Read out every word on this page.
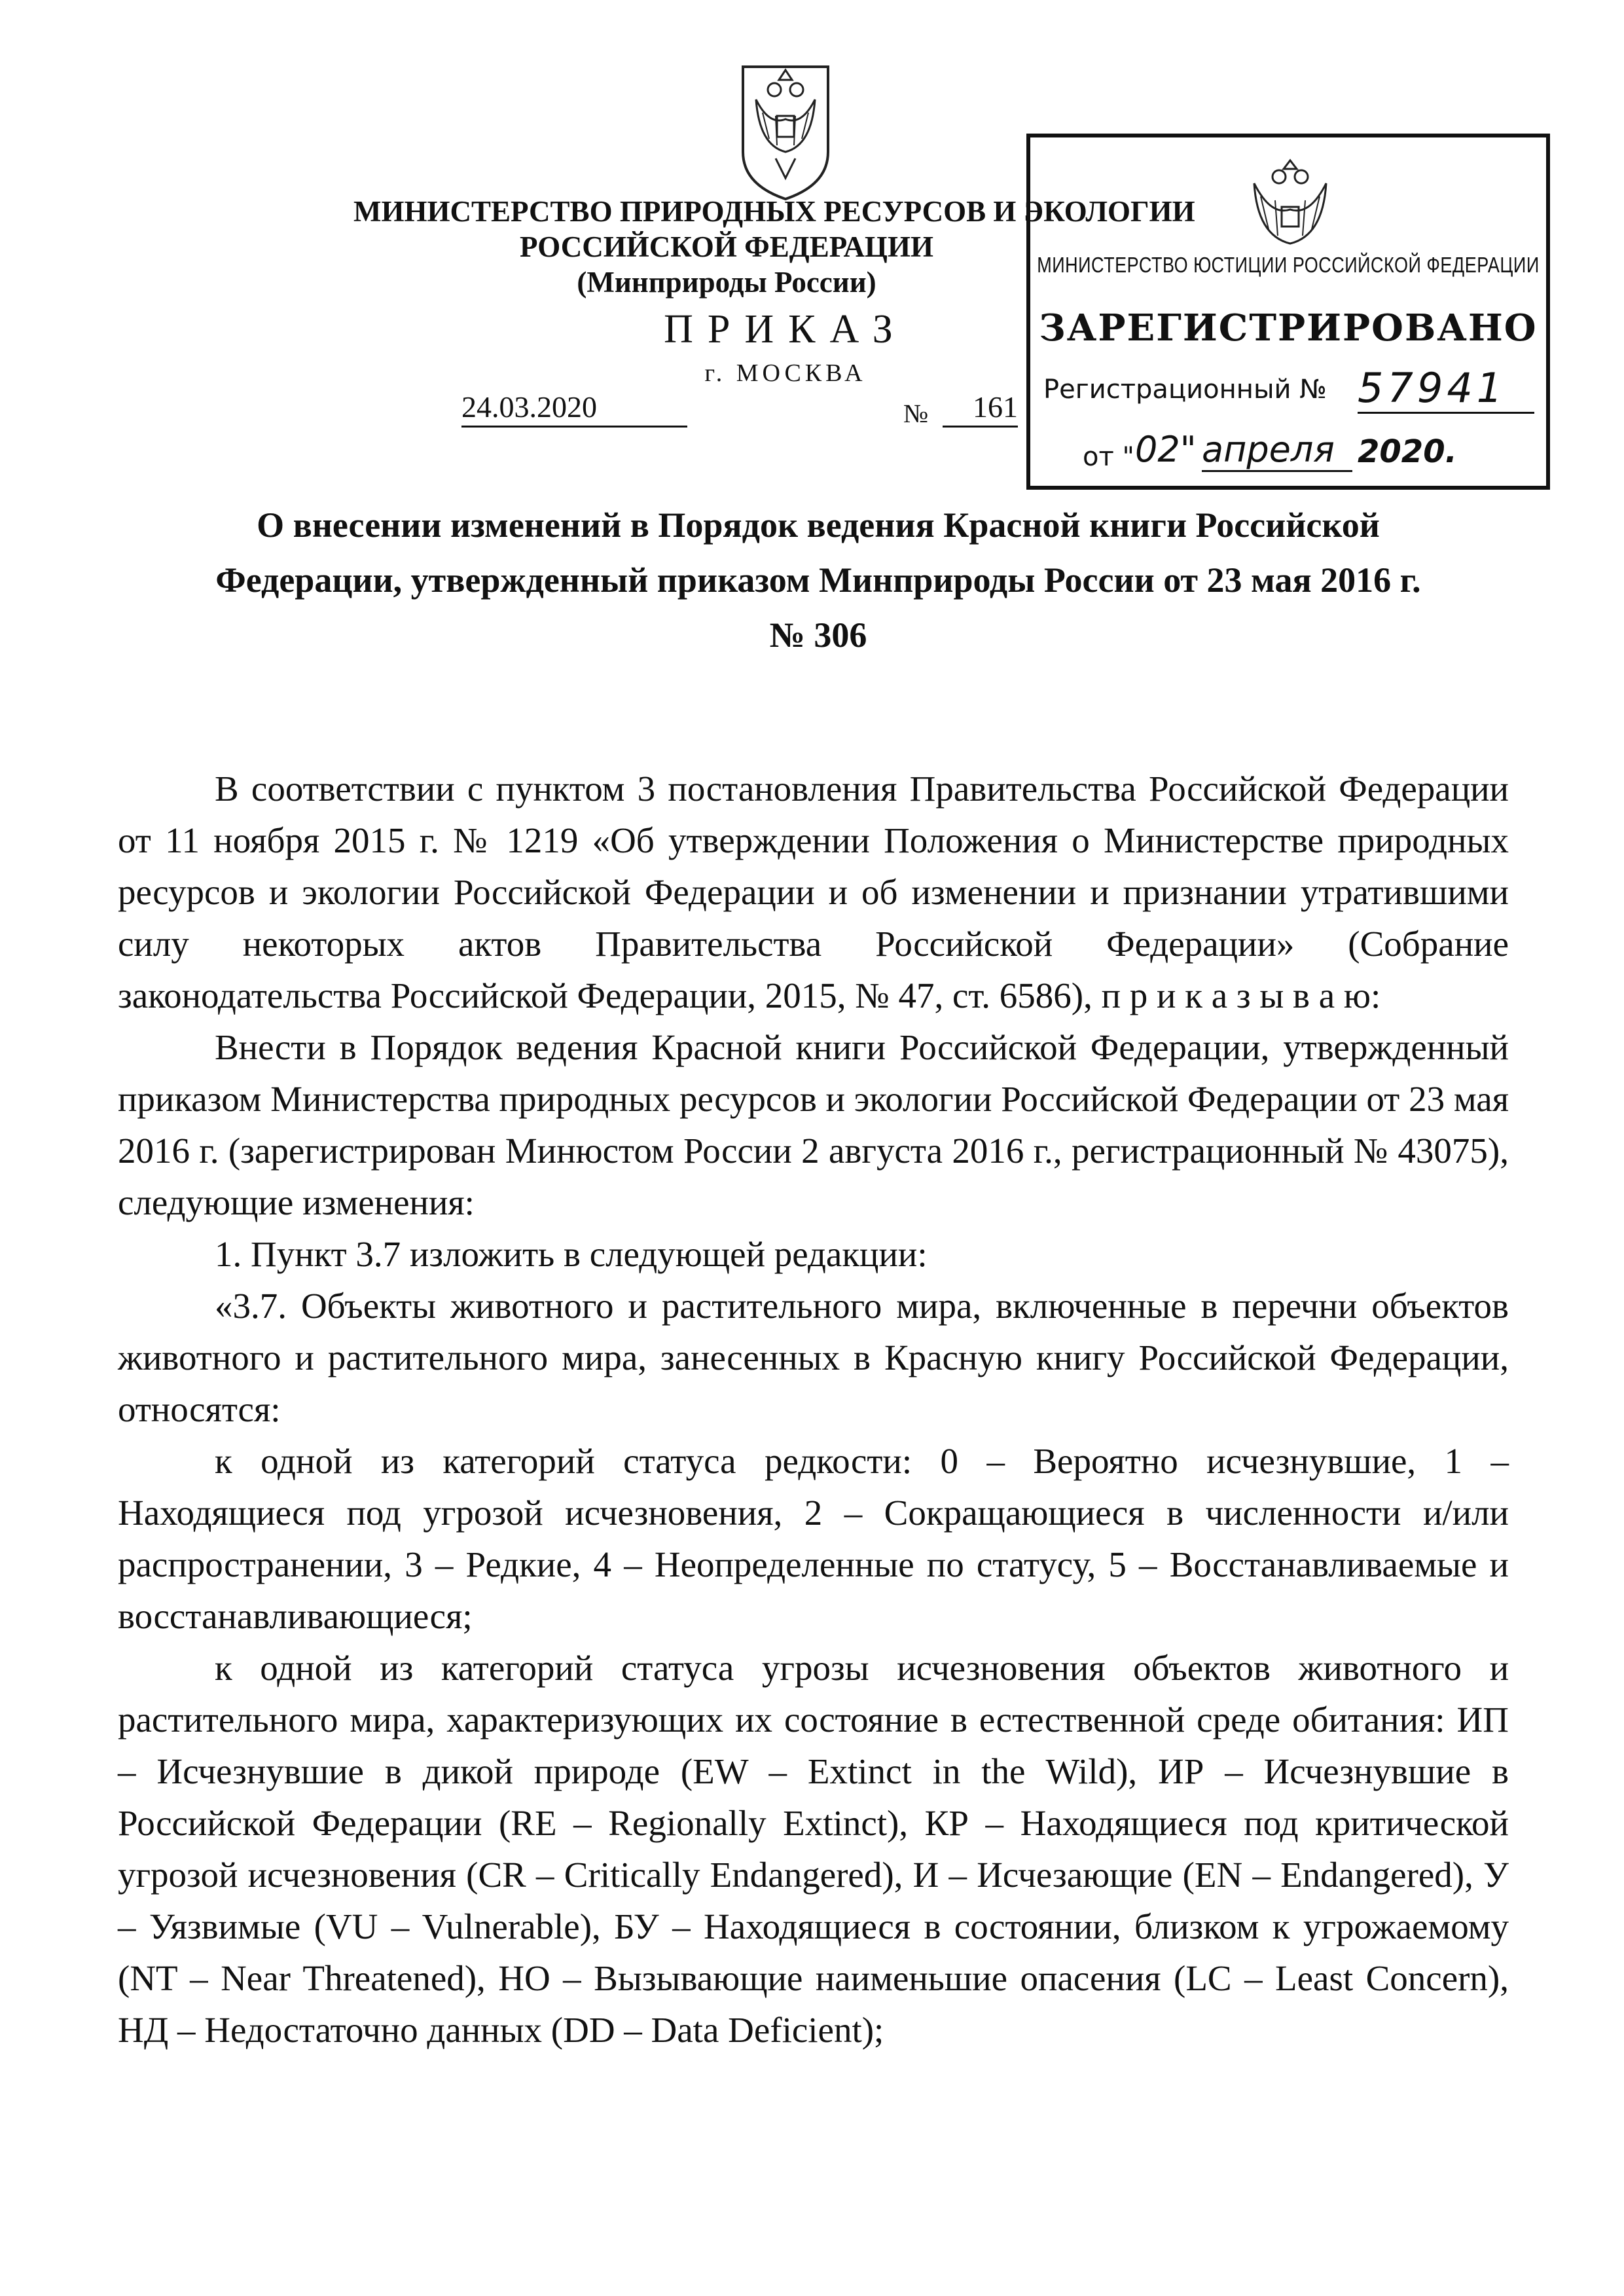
МИНИСТЕРСТВО ПРИРОДНЫХ РЕСУРСОВ И ЭКОЛОГИИ
РОССИЙСКОЙ ФЕДЕРАЦИИ
(Минприроды России)
ПРИКАЗ
г. МОСКВА
24.03.2020	№	161
МИНИСТЕРСТВО ЮСТИЦИИ РОССИЙСКОЙ ФЕДЕРАЦИИ
ЗАРЕГИСТРИРОВАНО
Регистрационный № 57941
от " 02" апреля 2020.
О внесении изменений в Порядок ведения Красной книги Российской
Федерации, утвержденный приказом Минприроды России от 23 мая 2016 г.
№ 306
В соответствии с пунктом 3 постановления Правительства Российской Федерации от 11 ноября 2015 г. № 1219 «Об утверждении Положения о Министерстве природных ресурсов и экологии Российской Федерации и об изменении и признании утратившими силу некоторых актов Правительства Российской Федерации» (Собрание законодательства Российской Федерации, 2015, № 47, ст. 6586), п р и к а з ы в а ю:
Внести в Порядок ведения Красной книги Российской Федерации, утвержденный приказом Министерства природных ресурсов и экологии Российской Федерации от 23 мая 2016 г. (зарегистрирован Минюстом России 2 августа 2016 г., регистрационный № 43075), следующие изменения:
1. Пункт 3.7 изложить в следующей редакции:
«3.7. Объекты животного и растительного мира, включенные в перечни объектов животного и растительного мира, занесенных в Красную книгу Российской Федерации, относятся:
к одной из категорий статуса редкости: 0 – Вероятно исчезнувшие, 1 – Находящиеся под угрозой исчезновения, 2 – Сокращающиеся в численности и/или распространении, 3 – Редкие, 4 – Неопределенные по статусу, 5 – Восстанавливаемые и восстанавливающиеся;
к одной из категорий статуса угрозы исчезновения объектов животного и растительного мира, характеризующих их состояние в естественной среде обитания: ИП – Исчезнувшие в дикой природе (EW – Extinct in the Wild), ИР – Исчезнувшие в Российской Федерации (RE – Regionally Extinct), КР – Находящиеся под критической угрозой исчезновения (CR – Critically Endangered), И – Исчезающие (EN – Endangered), У – Уязвимые (VU – Vulnerable), БУ – Находящиеся в состоянии, близком к угрожаемому (NT – Near Threatened), НО – Вызывающие наименьшие опасения (LC – Least Concern), НД – Недостаточно данных (DD – Data Deficient);
